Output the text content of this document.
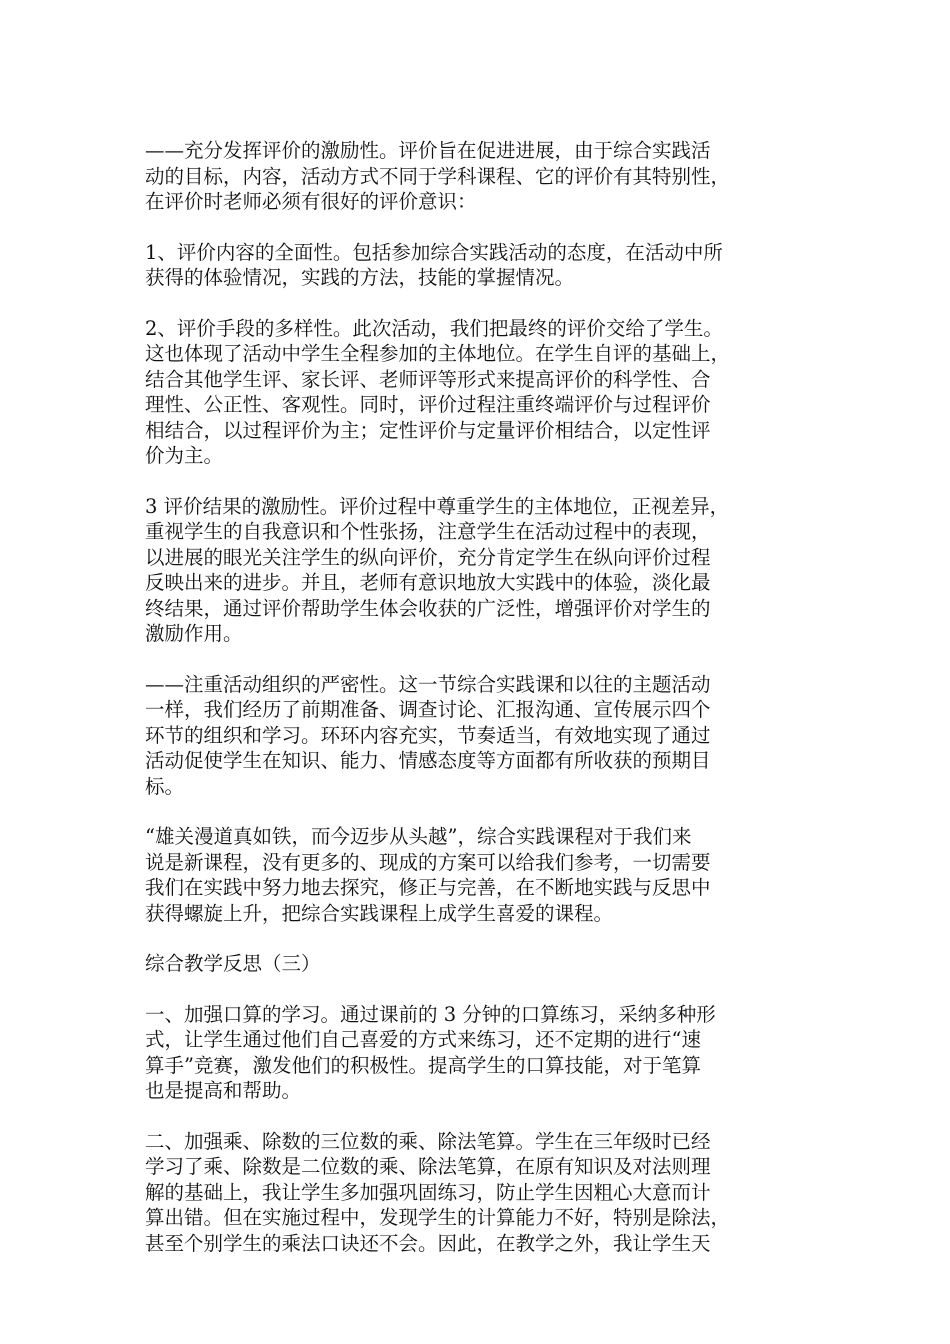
——充分发挥评价的激励性。评价旨在促进进展，由于综合实践活
动的目标，内容，活动方式不同于学科课程、它的评价有其特别性，
在评价时老师必须有很好的评价意识：

1、评价内容的全面性。包括参加综合实践活动的态度，在活动中所
获得的体验情况，实践的方法，技能的掌握情况。

2、评价手段的多样性。此次活动，我们把最终的评价交给了学生。
这也体现了活动中学生全程参加的主体地位。在学生自评的基础上，
结合其他学生评、家长评、老师评等形式来提高评价的科学性、合
理性、公正性、客观性。同时，评价过程注重终端评价与过程评价
相结合，以过程评价为主；定性评价与定量评价相结合，以定性评
价为主。

3 评价结果的激励性。评价过程中尊重学生的主体地位，正视差异，
重视学生的自我意识和个性张扬，注意学生在活动过程中的表现，
以进展的眼光关注学生的纵向评价，充分肯定学生在纵向评价过程
反映出来的进步。并且，老师有意识地放大实践中的体验，淡化最
终结果，通过评价帮助学生体会收获的广泛性，增强评价对学生的
激励作用。

——注重活动组织的严密性。这一节综合实践课和以往的主题活动
一样，我们经历了前期准备、调查讨论、汇报沟通、宣传展示四个
环节的组织和学习。环环内容充实，节奏适当，有效地实现了通过
活动促使学生在知识、能力、情感态度等方面都有所收获的预期目
标。

“雄关漫道真如铁，而今迈步从头越”，综合实践课程对于我们来
说是新课程，没有更多的、现成的方案可以给我们参考，一切需要
我们在实践中努力地去探究，修正与完善，在不断地实践与反思中
获得螺旋上升，把综合实践课程上成学生喜爱的课程。

综合教学反思（三）

一、加强口算的学习。通过课前的 3 分钟的口算练习，采纳多种形
式，让学生通过他们自己喜爱的方式来练习，还不定期的进行“速
算手”竞赛，激发他们的积极性。提高学生的口算技能，对于笔算
也是提高和帮助。

二、加强乘、除数的三位数的乘、除法笔算。学生在三年级时已经
学习了乘、除数是二位数的乘、除法笔算，在原有知识及对法则理
解的基础上，我让学生多加强巩固练习，防止学生因粗心大意而计
算出错。但在实施过程中，发现学生的计算能力不好，特别是除法，
甚至个别学生的乘法口诀还不会。因此，在教学之外，我让学生天
